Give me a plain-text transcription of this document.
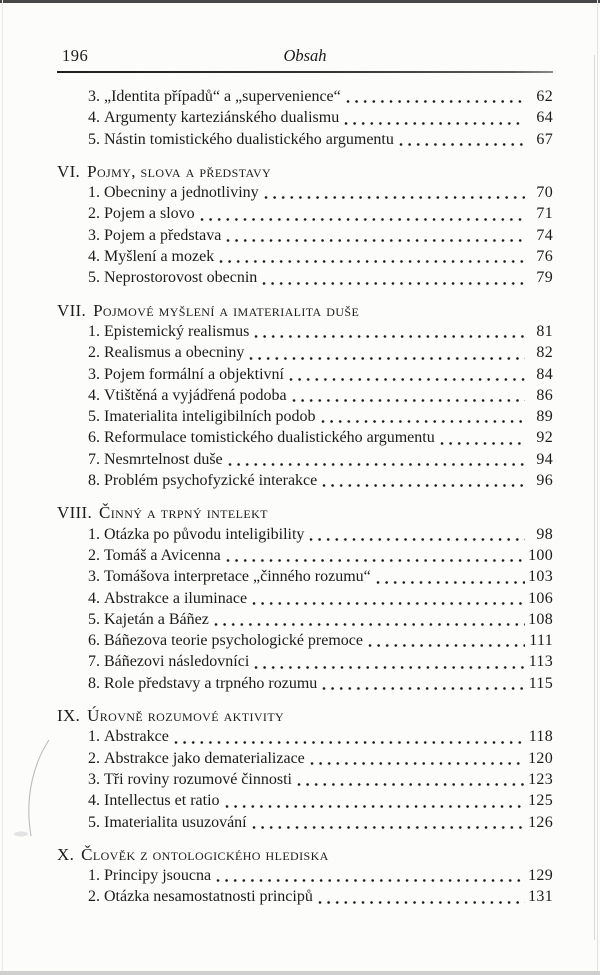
196	Obsah
3. „Identita případů“ a „supervenience“	62
4. Argumenty karteziánského dualismu	64
5. Nástin tomistického dualistického argumentu	67
VI. Pojmy, slova a představy
1. Obecniny a jednotliviny	70
2. Pojem a slovo	71
3. Pojem a představa	74
4. Myšlení a mozek	76
5. Neprostorovost obecnin	79
VII. Pojmové myšlení a imaterialita duše
1. Epistemický realismus	81
2. Realismus a obecniny	82
3. Pojem formální a objektivní	84
4. Vtištěná a vyjádřená podoba	86
5. Imaterialita inteligibilních podob	89
6. Reformulace tomistického dualistického argumentu	92
7. Nesmrtelnost duše	94
8. Problém psychofyzické interakce	96
VIII. Činný a trpný intelekt
1. Otázka po původu inteligibility	98
2. Tomáš a Avicenna	100
3. Tomášova interpretace „činného rozumu“	103
4. Abstrakce a iluminace	106
5. Kajetán a Báñez	108
6. Báñezova teorie psychologické premoce	111
7. Báñezovi následovníci	113
8. Role představy a trpného rozumu	115
IX. Úrovně rozumové aktivity
1. Abstrakce	118
2. Abstrakce jako dematerializace	120
3. Tři roviny rozumové činnosti	123
4. Intellectus et ratio	125
5. Imaterialita usuzování	126
X. Člověk z ontologického hlediska
1. Principy jsoucna	129
2. Otázka nesamostatnosti principů	131
